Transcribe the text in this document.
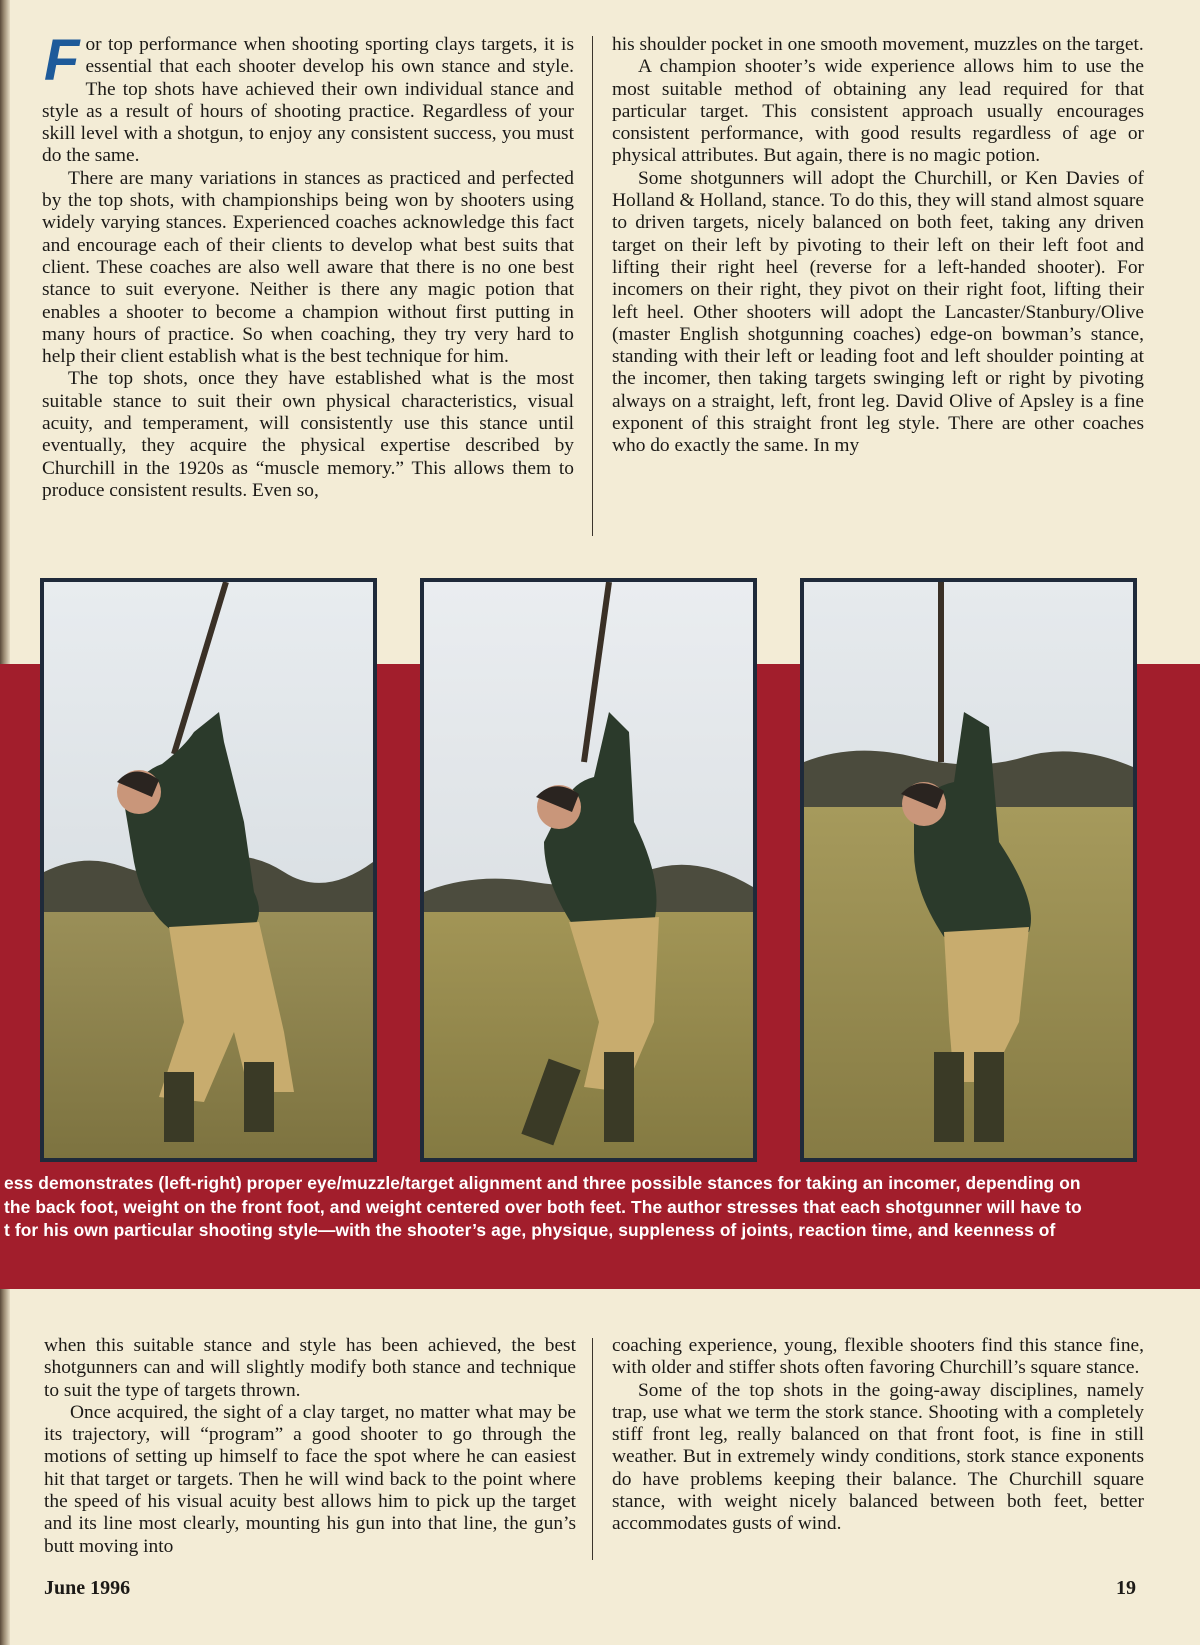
F or top performance when shooting sporting clays targets, it is essential that each shooter develop his own stance and style. The top shots have achieved their own individual stance and style as a result of hours of shooting practice. Regardless of your skill level with a shotgun, to enjoy any consistent success, you must do the same.

There are many variations in stances as practiced and perfected by the top shots, with championships being won by shooters using widely varying stances. Experienced coaches acknowledge this fact and encourage each of their clients to develop what best suits that client. These coaches are also well aware that there is no one best stance to suit everyone. Neither is there any magic potion that enables a shooter to become a champion without first putting in many hours of practice. So when coaching, they try very hard to help their client establish what is the best technique for him.

The top shots, once they have established what is the most suitable stance to suit their own physical characteristics, visual acuity, and temperament, will consistently use this stance until eventually, they acquire the physical expertise described by Churchill in the 1920s as “muscle memory.” This allows them to produce consistent results. Even so,

his shoulder pocket in one smooth movement, muzzles on the target.

A champion shooter’s wide experience allows him to use the most suitable method of obtaining any lead required for that particular target. This consistent approach usually encourages consistent performance, with good results regardless of age or physical attributes. But again, there is no magic potion.

Some shotgunners will adopt the Churchill, or Ken Davies of Holland & Holland, stance. To do this, they will stand almost square to driven targets, nicely balanced on both feet, taking any driven target on their left by pivoting to their left on their left foot and lifting their right heel (reverse for a left-handed shooter). For incomers on their right, they pivot on their right foot, lifting their left heel. Other shooters will adopt the Lancaster/Stanbury/Olive (master English shotgunning coaches) edge-on bowman’s stance, standing with their left or leading foot and left shoulder pointing at the incomer, then taking targets swinging left or right by pivoting always on a straight, left, front leg. David Olive of Apsley is a fine exponent of this straight front leg style. There are other coaches who do exactly the same. In my

ess demonstrates (left-right) proper eye/muzzle/target alignment and three possible stances for taking an incomer, depending on
the back foot, weight on the front foot, and weight centered over both feet. The author stresses that each shotgunner will have to
t for his own particular shooting style—with the shooter’s age, physique, suppleness of joints, reaction time, and keenness of

when this suitable stance and style has been achieved, the best shotgunners can and will slightly modify both stance and technique to suit the type of targets thrown.

Once acquired, the sight of a clay target, no matter what may be its trajectory, will “program” a good shooter to go through the motions of setting up himself to face the spot where he can easiest hit that target or targets. Then he will wind back to the point where the speed of his visual acuity best allows him to pick up the target and its line most clearly, mounting his gun into that line, the gun’s butt moving into

coaching experience, young, flexible shooters find this stance fine, with older and stiffer shots often favoring Churchill’s square stance.

Some of the top shots in the going-away disciplines, namely trap, use what we term the stork stance. Shooting with a completely stiff front leg, really balanced on that front foot, is fine in still weather. But in extremely windy conditions, stork stance exponents do have problems keeping their balance. The Churchill square stance, with weight nicely balanced between both feet, better accommodates gusts of wind.

June 1996	19
